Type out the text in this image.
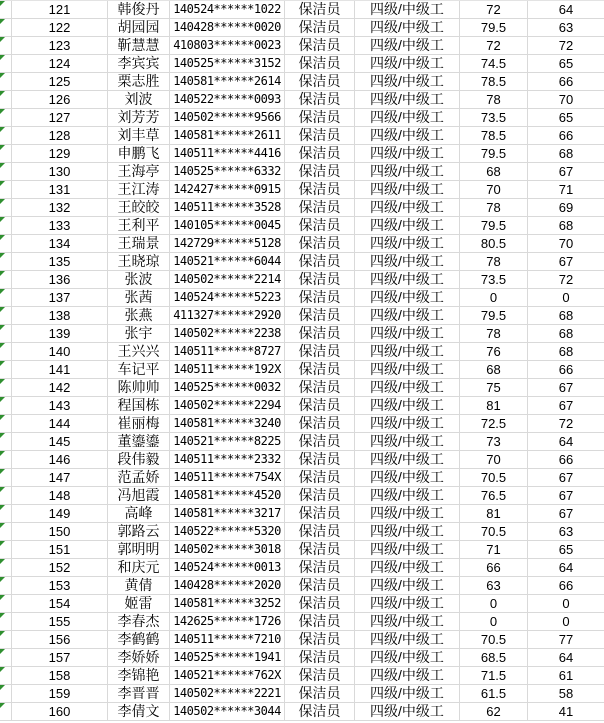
121	韩俊丹	140524******1022	保洁员	四级/中级工	72	64
122	胡园园	140428******0020	保洁员	四级/中级工	79.5	63
123	靳慧慧	410803******0023	保洁员	四级/中级工	72	72
124	李宾宾	140525******3152	保洁员	四级/中级工	74.5	65
125	栗志胜	140581******2614	保洁员	四级/中级工	78.5	66
126	刘波	140522******0093	保洁员	四级/中级工	78	70
127	刘芳芳	140502******9566	保洁员	四级/中级工	73.5	65
128	刘丰草	140581******2611	保洁员	四级/中级工	78.5	66
129	申鹏飞	140511******4416	保洁员	四级/中级工	79.5	68
130	王海亭	140525******6332	保洁员	四级/中级工	68	67
131	王江涛	142427******0915	保洁员	四级/中级工	70	71
132	王皎皎	140511******3528	保洁员	四级/中级工	78	69
133	王利平	140105******0045	保洁员	四级/中级工	79.5	68
134	王瑞景	142729******5128	保洁员	四级/中级工	80.5	70
135	王晓琼	140521******6044	保洁员	四级/中级工	78	67
136	张波	140502******2214	保洁员	四级/中级工	73.5	72
137	张茜	140524******5223	保洁员	四级/中级工	0	0
138	张燕	411327******2920	保洁员	四级/中级工	79.5	68
139	张宇	140502******2238	保洁员	四级/中级工	78	68
140	王兴兴	140511******8727	保洁员	四级/中级工	76	68
141	车记平	140511******192X	保洁员	四级/中级工	68	66
142	陈帅帅	140525******0032	保洁员	四级/中级工	75	67
143	程国栋	140502******2294	保洁员	四级/中级工	81	67
144	崔丽梅	140581******3240	保洁员	四级/中级工	72.5	72
145	董鎏鎏	140521******8225	保洁员	四级/中级工	73	64
146	段伟毅	140511******2332	保洁员	四级/中级工	70	66
147	范孟娇	140511******754X	保洁员	四级/中级工	70.5	67
148	冯旭霞	140581******4520	保洁员	四级/中级工	76.5	67
149	高峰	140581******3217	保洁员	四级/中级工	81	67
150	郭路云	140522******5320	保洁员	四级/中级工	70.5	63
151	郭明明	140502******3018	保洁员	四级/中级工	71	65
152	和庆元	140524******0013	保洁员	四级/中级工	66	64
153	黄倩	140428******2020	保洁员	四级/中级工	63	66
154	姬雷	140581******3252	保洁员	四级/中级工	0	0
155	李春杰	142625******1726	保洁员	四级/中级工	0	0
156	李鹤鹤	140511******7210	保洁员	四级/中级工	70.5	77
157	李娇娇	140525******1941	保洁员	四级/中级工	68.5	64
158	李锦艳	140521******762X	保洁员	四级/中级工	71.5	61
159	李晋晋	140502******2221	保洁员	四级/中级工	61.5	58
160	李倩文	140502******3044	保洁员	四级/中级工	62	41
